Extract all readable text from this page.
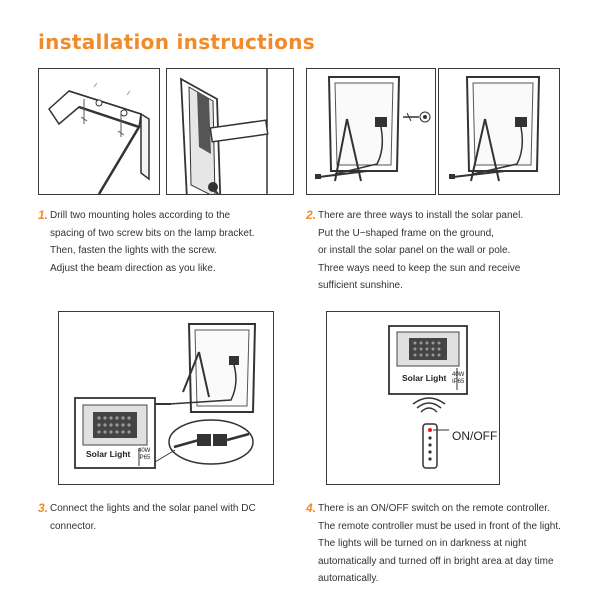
installation instructions
1. Drill two mounting holes according to the
spacing of two screw bits on the lamp bracket.
Then, fasten the lights with the screw.
Adjust the beam direction as you like.
2. There are three ways to install the solar panel.
Put the U−shaped frame on the ground,
or install the solar panel on the wall or pole.
Three ways need to keep the sun and receive
sufficient sunshine.
Solar Light 40W
IP65
Solar Light 40W
IP65
ON/OFF
3. Connect the lights and the solar panel with DC
connector.
4. There is an ON/OFF switch on the remote controller.
The remote controller must be used in front of the light.
The lights will be turned on in darkness at night
automatically and turned off in bright area at day time
automatically.
